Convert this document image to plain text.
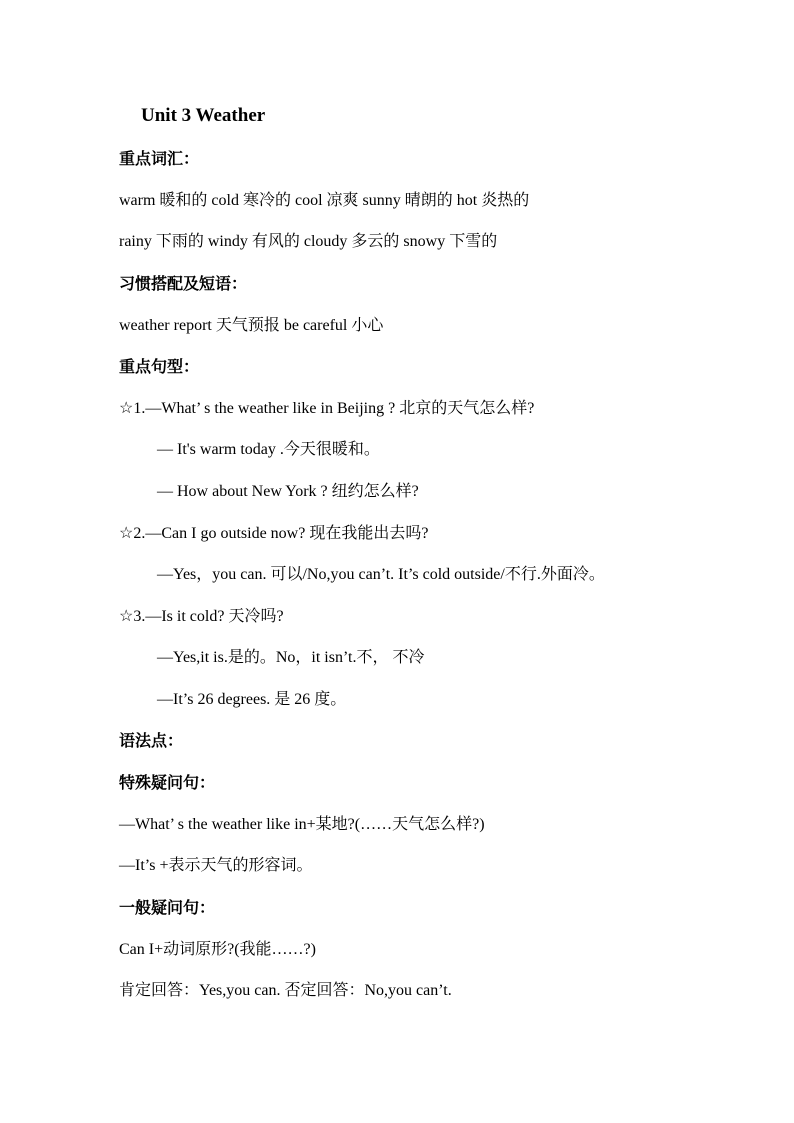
Unit 3 Weather
重点词汇：
warm 暖和的 cold 寒冷的 cool 凉爽 sunny 晴朗的 hot 炎热的
rainy 下雨的 windy 有风的 cloudy 多云的 snowy 下雪的
习惯搭配及短语：
weather report 天气预报 be careful 小心
重点句型：
☆1.—What’ s the weather like in Beijing ? 北京的天气怎么样?
— It's warm today .今天很暖和。
— How about New York ? 纽约怎么样?
☆2.—Can I go outside now? 现在我能出去吗?
—Yes，you can. 可以/No,you can’t. It’s cold outside/不行.外面冷。
☆3.—Is it cold? 天冷吗?
—Yes,it is.是的。No，it isn’t.不， 不冷
—It’s 26 degrees. 是 26 度。
语法点：
特殊疑问句：
—What’ s the weather like in+某地?(……天气怎么样?)
—It’s +表示天气的形容词。
一般疑问句：
Can I+动词原形?(我能……?)
肯定回答：Yes,you can. 否定回答：No,you can’t.
